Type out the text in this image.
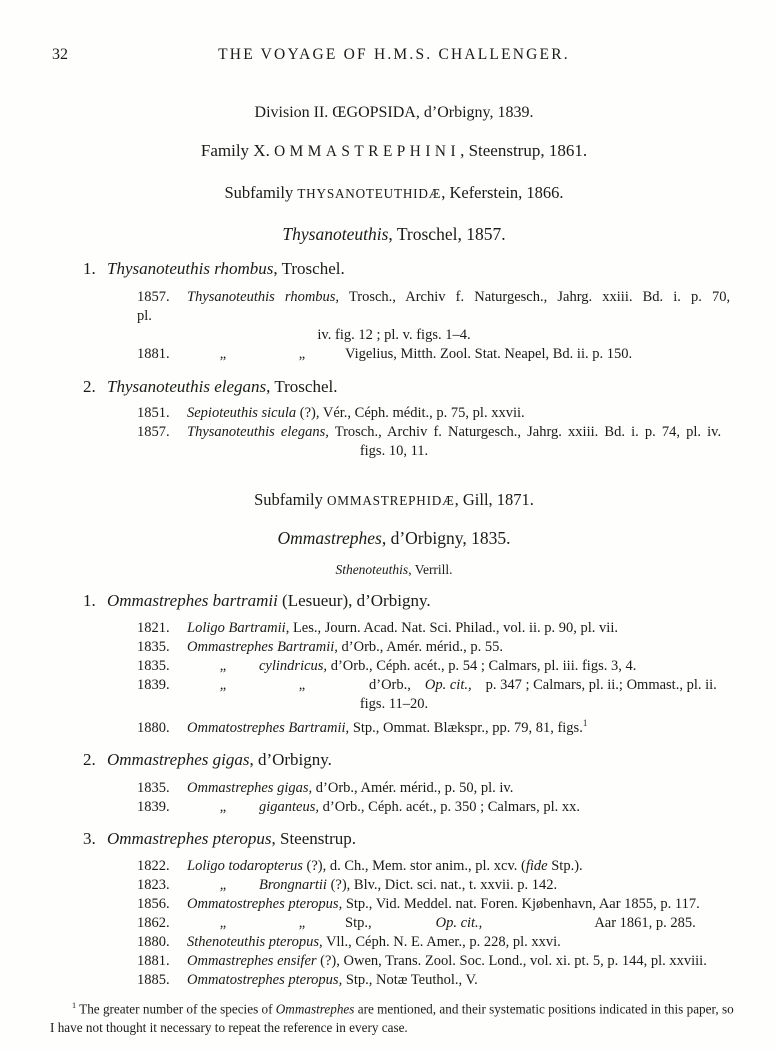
32	THE VOYAGE OF H.M.S. CHALLENGER.
Division II. ŒGOPSIDA, d’Orbigny, 1839.
Family X. OMMASTREPHINI, Steenstrup, 1861.
Subfamily THYSANOTEUTHIDÆ, Keferstein, 1866.
Thysanoteuthis, Troschel, 1857.
1. Thysanoteuthis rhombus, Troschel.
1857. Thysanoteuthis rhombus, Trosch., Archiv f. Naturgesch., Jahrg. xxiii. Bd. i. p. 70, pl.
iv. fig. 12 ; pl. v. figs. 1–4.
1881.	„	„	Vigelius, Mitth. Zool. Stat. Neapel, Bd. ii. p. 150.
2. Thysanoteuthis elegans, Troschel.
1851. Sepioteuthis sicula (?), Vér., Céph. médit., p. 75, pl. xxvii.
1857. Thysanoteuthis elegans, Trosch., Archiv f. Naturgesch., Jahrg. xxiii. Bd. i. p. 74, pl. iv.
figs. 10, 11.
Subfamily OMMASTREPHIDÆ, Gill, 1871.
Ommastrephes, d’Orbigny, 1835.
Sthenoteuthis, Verrill.
1. Ommastrephes bartramii (Lesueur), d’Orbigny.
1821. Loligo Bartramii, Les., Journ. Acad. Nat. Sci. Philad., vol. ii. p. 90, pl. vii.
1835. Ommastrephes Bartramii, d’Orb., Amér. mérid., p. 55.
1835.	„ cylindricus, d’Orb., Céph. acét., p. 54 ; Calmars, pl. iii. figs. 3, 4.
1839.	„	„	d’Orb., Op. cit., p. 347 ; Calmars, pl. ii.; Ommast., pl. ii.
figs. 11–20.
1880. Ommatostrephes Bartramii, Stp., Ommat. Blækspr., pp. 79, 81, figs.$^1$
2. Ommastrephes gigas, d’Orbigny.
1835. Ommastrephes gigas, d’Orb., Amér. mérid., p. 50, pl. iv.
1839.	„ giganteus, d’Orb., Céph. acét., p. 350 ; Calmars, pl. xx.
3. Ommastrephes pteropus, Steenstrup.
1822. Loligo todaropterus (?), d. Ch., Mem. stor anim., pl. xcv. (fide Stp.).
1823.	„ Brongnartii (?), Blv., Dict. sci. nat., t. xxvii. p. 142.
1856. Ommatostrephes pteropus, Stp., Vid. Meddel. nat. Foren. Kjøbenhavn, Aar 1855, p. 117.
1862.	„	„	Stp.,	Op. cit.,	Aar 1861, p. 285.
1880. Sthenoteuthis pteropus, Vll., Céph. N. E. Amer., p. 228, pl. xxvi.
1881. Ommastrephes ensifer (?), Owen, Trans. Zool. Soc. Lond., vol. xi. pt. 5, p. 144, pl. xxviii.
1885. Ommatostrephes pteropus, Stp., Notæ Teuthol., V.
$^1$ The greater number of the species of Ommastrephes are mentioned, and their systematic positions indicated in this paper, so I have not thought it necessary to repeat the reference in every case.
